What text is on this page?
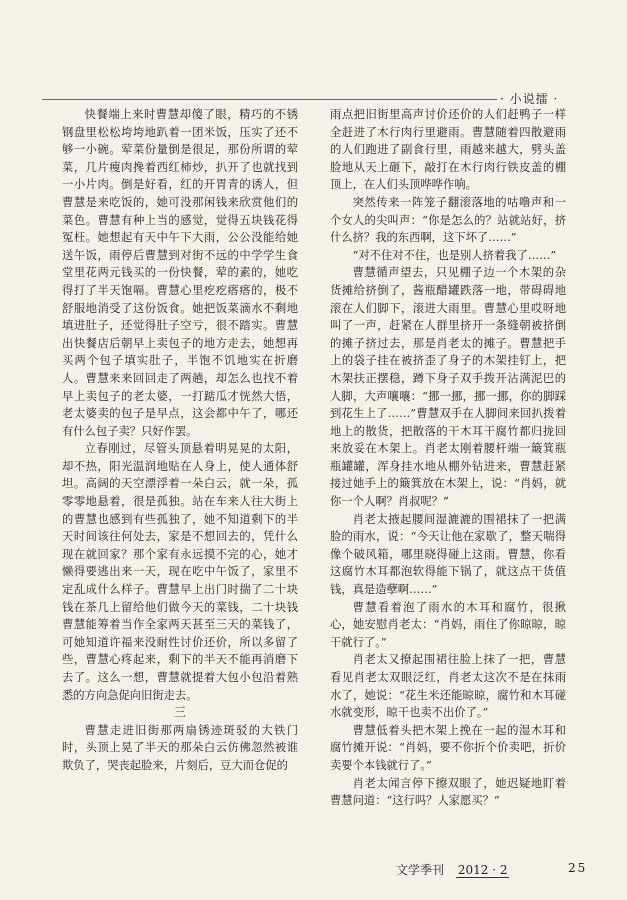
· 小说擂 ·

快餐端上来时曹慧却傻了眼，精巧的不锈钢盘里松松垮垮地趴着一团米饭，压实了还不够一小碗。荤菜份量倒是很足，那份所谓的荤菜，几片瘦肉搀着西红柿炒，扒开了也就找到一小片肉。倒是好看，红的开胃青的诱人，但曹慧是来吃饭的，她可没那闲钱来欣赏他们的菜色。曹慧有种上当的感觉，觉得五块钱花得冤枉。她想起有天中午下大雨，公公没能给她送午饭，雨停后曹慧到对街不远的中学学生食堂里花两元钱买的一份快餐，荤的素的，她吃得打了半天饱嗝。曹慧心里疙疙瘩瘩的，极不舒服地消受了这份饭食。她把饭菜滴水不剩地填进肚子，还觉得肚子空亏，很不踏实。曹慧出快餐店后朝早上卖包子的地方走去，她想再买两个包子填实肚子，半饱不饥地实在折磨人。曹慧来来回回走了两趟，却怎么也找不着早上卖包子的老太婆，一打踮瓜才恍然大悟，老太婆卖的包子是早点，这会都中午了，哪还有什么包子卖？只好作罢。

立春刚过，尽管头顶悬着明晃晃的太阳，却不热，阳光温润地贴在人身上，使人通体舒坦。高阔的天空漂浮着一朵白云，就一朵，孤零零地悬着，很是孤独。站在车来人往大街上的曹慧也感到有些孤独了，她不知道剩下的半天时间该往何处去，家是不想回去的，凭什么现在就回家？那个家有永远摸不完的心，她才懒得要逃出来一天，现在吃中午饭了，家里不定乱成什么样子。曹慧早上出门时揣了二十块钱在茶几上留给他们做今天的菜钱，二十块钱曹慧能筹着当作全家两天甚至三天的菜钱了，可她知道许福来没耐性讨价还价，所以多留了些，曹慧心疼起来，剩下的半天不能再消磨下去了。这么一想，曹慧就提着大包小包沿着熟悉的方向急促向旧街走去。

三

曹慧走进旧街那两扇锈迹斑驳的大铁门时，头顶上晃了半天的那朵白云仿佛忽然被谁欺负了，哭丧起脸来，片刻后，豆大而仓促的

雨点把旧街里高声讨价还价的人们赶鸭子一样全赶进了木行肉行里避雨。曹慧随着四散避雨的人们跑进了副食行里，雨越来越大，劈头盖脸地从天上砸下，敲打在木行肉行铁皮盖的棚顶上，在人们头顶哗哗作响。

突然传来一阵笼子翻滚落地的咕噜声和一个女人的尖叫声：“你是怎么的？站就站好，挤什么挤？我的东西啊，这下坏了……”

“对不住对不住，也是别人挤着我了……”

曹慧循声望去，只见棚子边一个木架的杂货摊给挤倒了，酱瓶醋罐跌落一地，带碍碍地滚在人们脚下，滚进大雨里。曹慧心里哎呀地叫了一声，赶紧在人群里挤开一条缝朝被挤倒的摊子挤过去，那是肖老太的摊子。曹慧把手上的袋子挂在被挤歪了身子的木架挂钉上，把木架扶正摆稳，蹲下身子双手拨开沾满泥巴的人脚，大声嚷嚷：“挪一挪，挪一挪，你的脚踩到花生上了……”曹慧双手在人脚间来回扒拨着地上的散货，把散落的干木耳干腐竹都归拢回来放妥在木架上。肖老太刚着腰杆端一簸箕瓶瓶罐罐，浑身挂水地从棚外钻进来，曹慧赶紧接过她手上的簸箕放在木架上，说：“肖妈，就你一个人啊？肖叔呢？”

肖老太掖起腰间湿漉漉的围裙抹了一把满脸的雨水，说：“今天让他在家歇了，整天喘得像个破风箱，哪里晓得碰上这雨。曹慧，你看这腐竹木耳都泡软得能下锅了，就这点干货值钱，真是造孽啊……”

曹慧看着泡了雨水的木耳和腐竹，很揪心，她安慰肖老太：“肖妈，雨住了你晾晾，晾干就行了。”

肖老太又撩起围裙往脸上抹了一把，曹慧看见肖老太双眼泛红，肖老太这次不是在抹雨水了，她说：“花生米还能晾晾，腐竹和木耳碰水就变形，晾干也卖不出价了。”

曹慧低着头把木架上挽在一起的湿木耳和腐竹摊开说：“肖妈，要不你折个价卖吧，折价卖要个本钱就行了。”

肖老太闻言停下擦双眼了，她迟疑地盯着曹慧问道：“这行吗？人家愿买？”

文学季刊 2012 · 2	25
